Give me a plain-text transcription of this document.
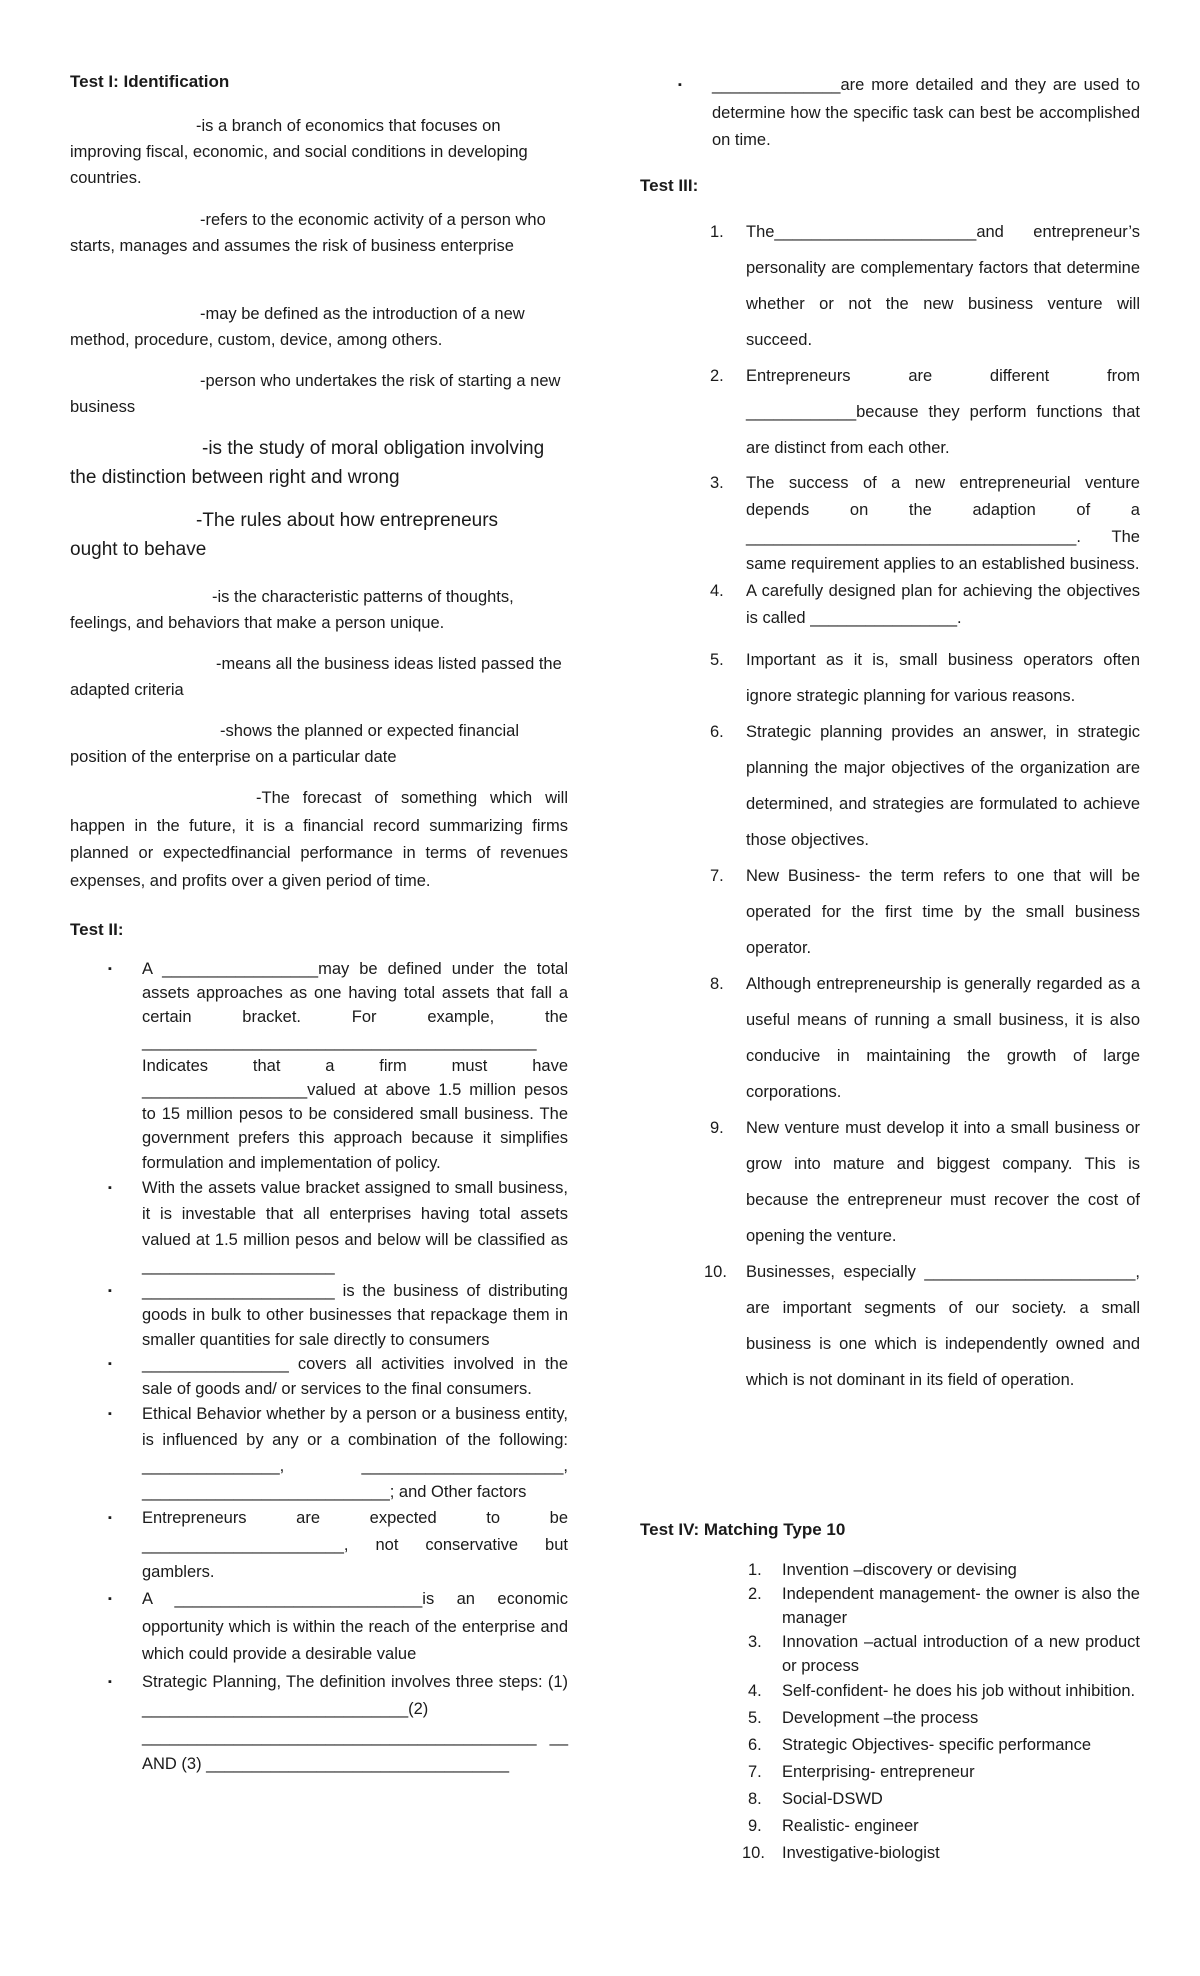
Test I: Identification

-is a branch of economics that focuses on improving fiscal, economic, and social conditions in developing countries.

-refers to the economic activity of a person who starts, manages and assumes the risk of business enterprise

-may be defined as the introduction of a new method, procedure, custom, device, among others.

-person who undertakes the risk of starting a new business

-is the study of moral obligation involving the distinction between right and wrong

-The rules about how entrepreneurs ought to behave

-is the characteristic patterns of thoughts, feelings, and behaviors that make a person unique.

-means all the business ideas listed passed the adapted criteria

-shows the planned or expected financial position of the enterprise on a particular date

-The forecast of something which will happen in the future, it is a financial record summarizing firms planned or expectedfinancial performance in terms of revenues expenses, and profits over a given period of time.

Test II:

▪ A _________________may be defined under the total assets approaches as one having total assets that fall a certain bracket. For example, the ___________________________________________ Indicates that a firm must have __________________valued at above 1.5 million pesos to 15 million pesos to be considered small business. The government prefers this approach because it simplifies formulation and implementation of policy.
▪ With the assets value bracket assigned to small business, it is investable that all enterprises having total assets valued at 1.5 million pesos and below will be classified as _____________________
▪ _____________________ is the business of distributing goods in bulk to other businesses that repackage them in smaller quantities for sale directly to consumers
▪ ________________ covers all activities involved in the sale of goods and/ or services to the final consumers.
▪ Ethical Behavior whether by a person or a business entity, is influenced by any or a combination of the following: _______________, ______________________, ___________________________; and Other factors
▪ Entrepreneurs are expected to be ______________________, not conservative but gamblers.
▪ A ___________________________is an economic opportunity which is within the reach of the enterprise and which could provide a desirable value
▪ Strategic Planning, The definition involves three steps: (1) _____________________________(2) ___________________________________________ __ AND (3) _________________________________
▪ ______________are more detailed and they are used to determine how the specific task can best be accomplished on time.

Test III:

1. The______________________and entrepreneur’s personality are complementary factors that determine whether or not the new business venture will succeed.
2. Entrepreneurs are different from ____________because they perform functions that are distinct from each other.
3. The success of a new entrepreneurial venture depends on the adaption of a ____________________________________. The same requirement applies to an established business.
4. A carefully designed plan for achieving the objectives is called ________________.
5. Important as it is, small business operators often ignore strategic planning for various reasons.
6. Strategic planning provides an answer, in strategic planning the major objectives of the organization are determined, and strategies are formulated to achieve those objectives.
7. New Business- the term refers to one that will be operated for the first time by the small business operator.
8. Although entrepreneurship is generally regarded as a useful means of running a small business, it is also conducive in maintaining the growth of large corporations.
9. New venture must develop it into a small business or grow into mature and biggest company. This is because the entrepreneur must recover the cost of opening the venture.
10. Businesses, especially _______________________, are important segments of our society. a small business is one which is independently owned and which is not dominant in its field of operation.

Test IV: Matching Type 10

1. Invention –discovery or devising
2. Independent management- the owner is also the manager
3. Innovation –actual introduction of a new product or process
4. Self-confident- he does his job without inhibition.
5. Development –the process
6. Strategic Objectives- specific performance
7. Enterprising- entrepreneur
8. Social-DSWD
9. Realistic- engineer
10. Investigative-biologist
